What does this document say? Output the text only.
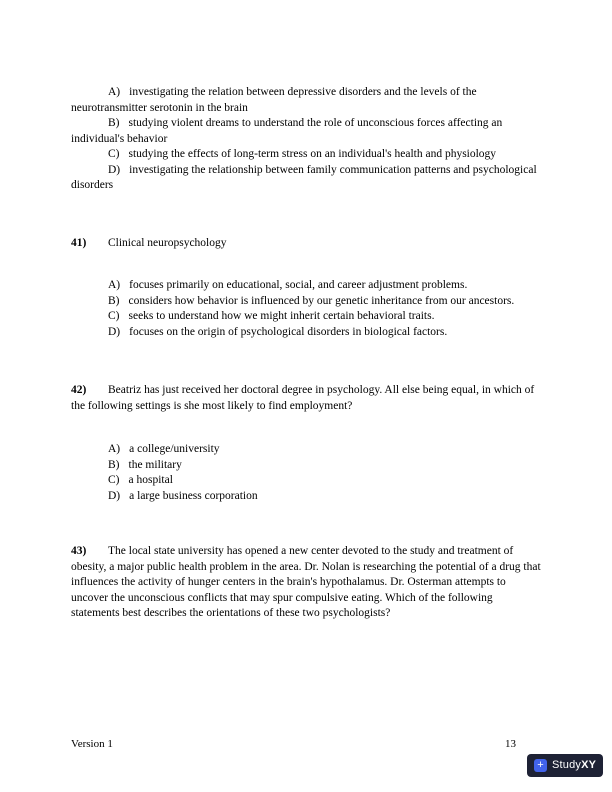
A) investigating the relation between depressive disorders and the levels of the neurotransmitter serotonin in the brain

B) studying violent dreams to understand the role of unconscious forces affecting an individual's behavior

C) studying the effects of long-term stress on an individual's health and physiology

D) investigating the relationship between family communication patterns and psychological disorders

41) Clinical neuropsychology

A) focuses primarily on educational, social, and career adjustment problems.

B) considers how behavior is influenced by our genetic inheritance from our ancestors.

C) seeks to understand how we might inherit certain behavioral traits.

D) focuses on the origin of psychological disorders in biological factors.

42) Beatriz has just received her doctoral degree in psychology. All else being equal, in which of the following settings is she most likely to find employment?

A) a college/university

B) the military

C) a hospital

D) a large business corporation

43) The local state university has opened a new center devoted to the study and treatment of obesity, a major public health problem in the area. Dr. Nolan is researching the potential of a drug that influences the activity of hunger centers in the brain's hypothalamus. Dr. Osterman attempts to uncover the unconscious conflicts that may spur compulsive eating. Which of the following statements best describes the orientations of these two psychologists?

Version 1	13
+ StudyXY
